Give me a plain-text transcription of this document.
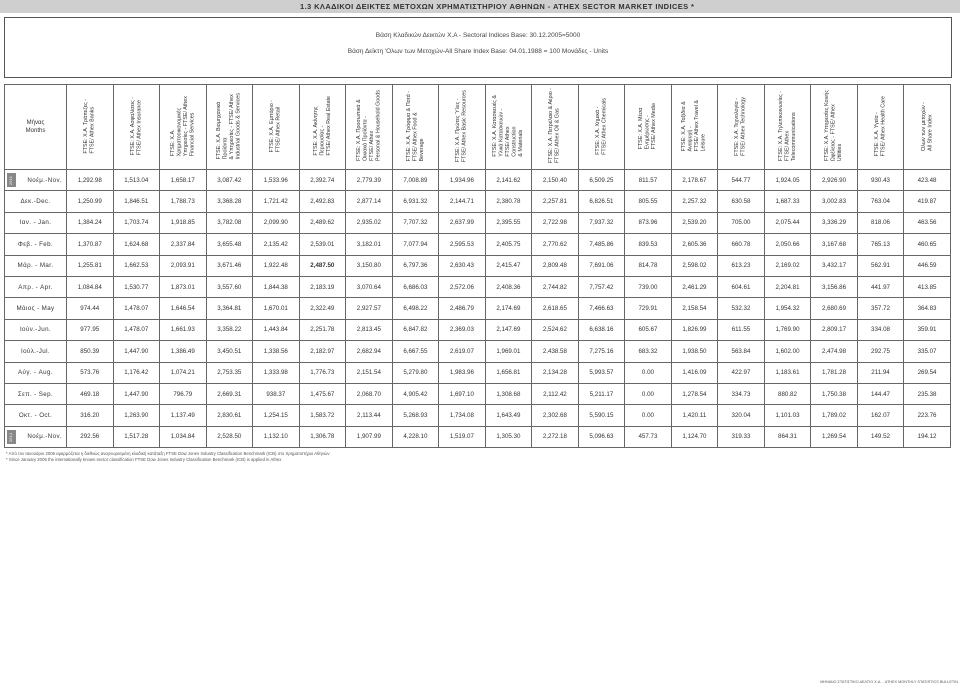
1.3 ΚΛΑΔΙΚΟΙ ΔΕΙΚΤΕΣ ΜΕΤΟΧΩΝ ΧΡΗΜΑΤΙΣΤΗΡΙΟΥ ΑΘΗΝΩΝ - ATHEX SECTOR MARKET INDICES *
Βάση Κλαδικών Δεικτών Χ.Α - Sectoral Indices Base: 30.12.2005=5000
Βάση Δείκτη 'Ολων των Μετοχών-All Share Index Base: 04.01.1988 = 100 Μονάδες - Units
Μήνας
Months	FTSE: Χ.Α. Τράπεζες -
FTSE/ Athex Banks	FTSE: Χ.Α. Ασφαλίσεις -
FTSE/ Athex Insurance	FTSE: Χ.Α.
Χρηματοοικονομικές
Υπηρεσίες - FTSE/ Athex
Financial Services	FTSE: Χ.Α. Βιομηχανικά
Προϊόντα
& Υπηρεσίες - FTSE/ Athex
Industrial Goods & Services	FTSE: Χ.Α. Εμπόριο -
FTSE/ Athex Retail	FTSE: Χ.Α. Ακίνητης
Περιουσίας -
FTSE/ Athex Real Estate	FTSE: Χ.Α. Προσωπικά &
Οικιακά Προϊόντα -
FTSE/ Athex
Personal & Household Goods	FTSE: Χ.Α. Τρόφιμα & Ποτά -
FTSE/ Athex Food &
Beverage	FTSE: Χ.Α. Πρώτες Ύλες -
FTSE/ Athex Basic Resources	FTSE: Χ.Α. Κατασκευές &
Υλικά Κατασκευών -
FTSE/ Athex
Construction
& Materials	FTSE: Χ.Α. Πετρέλαιο & Αέριο -
FTSE/ Athex Oil & Gas	FTSE: Χ.Α. Χημικά -
FTSE/ Athex Chemicals	FTSE: Χ.Α. Μέσα
Ενημέρωσης -
FTSE/ Athex Media	FTSE: Χ.Α. Ταξίδια &
Αναψυχή -
FTSE/ Athex Travel &
Leisure	FTSE: Χ.Α. Τεχνολογία -
FTSE/ Athex Technology	FTSE: Χ.Α. Τηλεπικοινωνίες -
FTSE/ Athex
Telecommunications	FTSE: Χ.Α. Υπηρεσίες Κοινής
Ωφέλειας - FTSE/ Athex
Utilities	FTSE: Χ.Α. Υγεία -
FTSE/ Athex Health Care	Όλων των μετοχών -
All Share Index

2011 Νοέμ.-Nov.	1,292.98	1,513.04	1,658.17	3,087.42	1,533.96	2,392.74	2,779.39	7,008.89	1,934.96	2,141.62	2,150.40	6,509.25	811.57	2,178.67	544.77	1,924.05	2,926.90	930.43	423.48
Δεκ.-Dec.	1,250.99	1,846.51	1,788.73	3,368.28	1,721.42	2,492.83	2,877.14	6,931.32	2,144.71	2,380.78	2,257.81	6,826.51	805.55	2,257.32	630.58	1,687.33	3,002.83	763.04	419.87
Ιαν. - Jan.	1,384.24	1,703.74	1,918.85	3,782.08	2,099.90	2,489.62	2,935.02	7,707.32	2,637.99	2,395.55	2,722.98	7,937.32	873.96	2,539.20	705.00	2,075.44	3,336.29	818.06	463.56
Φεβ. - Feb.	1,370.87	1,624.68	2,337.84	3,655.48	2,135.42	2,539.01	3,182.01	7,077.94	2,595.53	2,405.75	2,770.62	7,485.86	839.53	2,605.36	660.78	2,050.66	3,167.68	765.13	460.65
Μάρ. - Mar.	1,255.81	1,662.53	2,093.91	3,671.46	1,922.48	2,487.50	3,150.80	6,797.36	2,630.43	2,415.47	2,809.48	7,691.06	814.78	2,598.02	613.23	2,169.02	3,432.17	562.91	446.59
Απρ. - Apr.	1,084.84	1,530.77	1,873.01	3,557.60	1,844.38	2,183.19	3,070.64	6,686.03	2,572.06	2,408.36	2,744.82	7,757.42	739.00	2,461.29	604.61	2,204.81	3,156.86	441.97	413.85
Μάιος - May	974.44	1,478.07	1,646.54	3,364.81	1,670.01	2,322.49	2,927.57	6,498.22	2,486.79	2,174.69	2,618.65	7,466.63	729.91	2,158.54	532.32	1,954.32	2,680.69	357.72	364.83
Ιούν.-Jun.	977.95	1,478.07	1,661.93	3,358.22	1,443.84	2,251.78	2,813.45	6,847.82	2,369.03	2,147.69	2,524.62	6,638.16	605.67	1,826.99	611.55	1,769.90	2,809.17	334.08	359.91
Ιούλ.-Jul.	850.39	1,447.90	1,386.49	3,450.51	1,338.56	2,182.97	2,682.94	6,667.55	2,619.07	1,969.01	2,438.58	7,275.16	683.32	1,938.50	563.84	1,602.00	2,474.98	292.75	335.07
Αύγ. - Aug.	573.76	1,176.42	1,074.21	2,753.35	1,333.98	1,776.73	2,151.54	5,279.80	1,983.96	1,656.81	2,134.28	5,993.57	0.00	1,416.09	422.97	1,183.61	1,781.28	211.94	269.54
Σεπ. - Sep.	469.18	1,447.90	796.79	2,669.31	938.37	1,475.67	2,068.70	4,905.42	1,697.10	1,308.68	2,112.42	5,211.17	0.00	1,278.54	334.73	880.82	1,750.38	144.47	235.38
Οκτ. - Oct.	316.20	1,263.90	1,137.49	2,830.61	1,254.15	1,583.72	2,113.44	5,268.93	1,734.08	1,643.49	2,302.68	5,590.15	0.00	1,420.11	320.04	1,101.03	1,789.02	162.07	223.76

2012 Νοέμ.-Nov.	292.56	1,517.28	1,034.84	2,528.50	1,132.10	1,306.78	1,907.99	4,228.10	1,519.07	1,305.30	2,272.18	5,096.63	457.73	1,124.70	319.33	864.31	1,269.54	149.52	194.12
* Από τον Ιανουάριο 2006 εφαρμόζεται η διεθνώς αναγνωρισμένη κλαδική κατάταξη FTSE Dow Jones Industry Classification Benchmark (ICB) στο Χρηματιστήριο Αθηνών
* Since January 2006 the internationally known sector classification FTSE Dow Jones Industry Classification Benchmark (ICB) is applied in Athex
ΜΗΝΙΑΙΟ ΣΤΑΤΙΣΤΙΚΟ ΔΕΛΤΙΟ Χ.Α. - ATHEX MONTHLY STATISTICS BULLETIN
